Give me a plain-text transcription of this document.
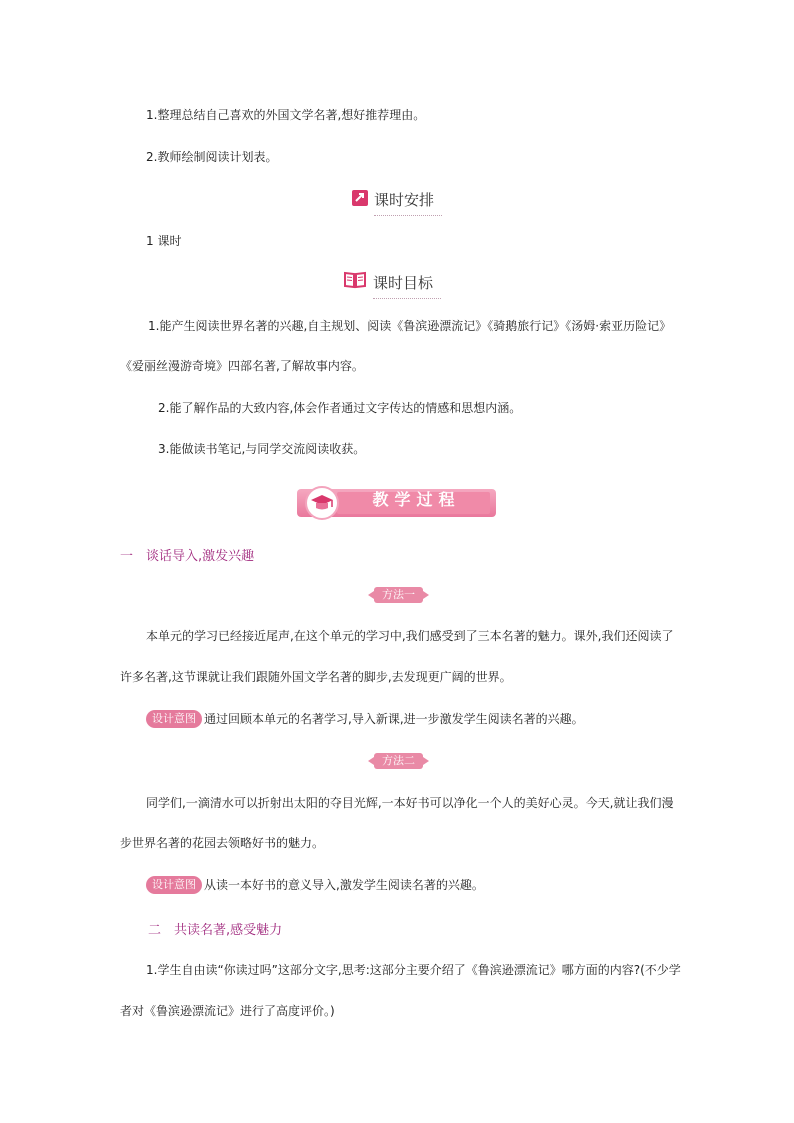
1.整理总结自己喜欢的外国文学名著,想好推荐理由。
2.教师绘制阅读计划表。
课时安排
1 课时
课时目标
1.能产生阅读世界名著的兴趣,自主规划、阅读《鲁滨逊漂流记》《骑鹅旅行记》《汤姆·索亚历险记》
《爱丽丝漫游奇境》四部名著,了解故事内容。
2.能了解作品的大致内容,体会作者通过文字传达的情感和思想内涵。
3.能做读书笔记,与同学交流阅读收获。
教学过程
一　谈话导入,激发兴趣
方法一
本单元的学习已经接近尾声,在这个单元的学习中,我们感受到了三本名著的魅力。课外,我们还阅读了
许多名著,这节课就让我们跟随外国文学名著的脚步,去发现更广阔的世界。
设计意图 通过回顾本单元的名著学习,导入新课,进一步激发学生阅读名著的兴趣。
方法二
同学们,一滴清水可以折射出太阳的夺目光辉,一本好书可以净化一个人的美好心灵。今天,就让我们漫
步世界名著的花园去领略好书的魅力。
设计意图 从读一本好书的意义导入,激发学生阅读名著的兴趣。
二　共读名著,感受魅力
1.学生自由读“你读过吗”这部分文字,思考:这部分主要介绍了《鲁滨逊漂流记》哪方面的内容?(不少学
者对《鲁滨逊漂流记》进行了高度评价。)
